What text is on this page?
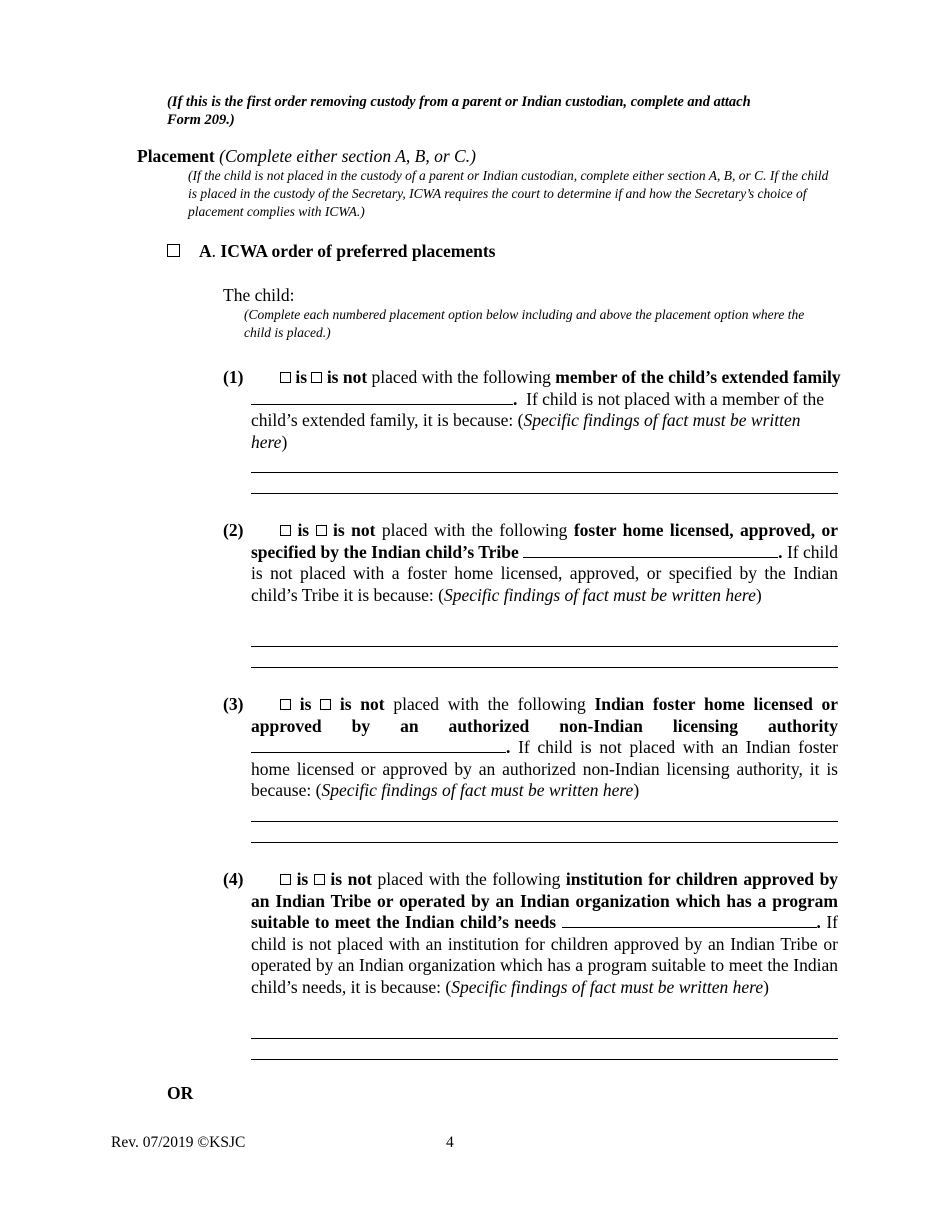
(If this is the first order removing custody from a parent or Indian custodian, complete and attach Form 209.)
Placement (Complete either section A, B, or C.)
(If the child is not placed in the custody of a parent or Indian custodian, complete either section A, B, or C. If the child is placed in the custody of the Secretary, ICWA requires the court to determine if and how the Secretary’s choice of placement complies with ICWA.)
A. ICWA order of preferred placements
The child:
(Complete each numbered placement option below including and above the placement option where the child is placed.)
(1)	is is not placed with the following member of the child’s extended family . If child is not placed with a member of the child’s extended family, it is because: (Specific findings of fact must be written here)
(2)	is is not placed with the following foster home licensed, approved, or specified by the Indian child’s Tribe	. If child is not placed with a foster home licensed, approved, or specified by the Indian child’s Tribe it is because: (Specific findings of fact must be written here)
(3)	is is not placed with the following Indian foster home licensed or approved by an authorized non-Indian licensing authority . If child is not placed with an Indian foster home licensed or approved by an authorized non-Indian licensing authority, it is because: (Specific findings of fact must be written here)
(4)	is is not placed with the following institution for children approved by an Indian Tribe or operated by an Indian organization which has a program suitable to meet the Indian child’s needs	. If child is not placed with an institution for children approved by an Indian Tribe or operated by an Indian organization which has a program suitable to meet the Indian child’s needs, it is because: (Specific findings of fact must be written here)
OR
Rev. 07/2019 ©KSJC	4
